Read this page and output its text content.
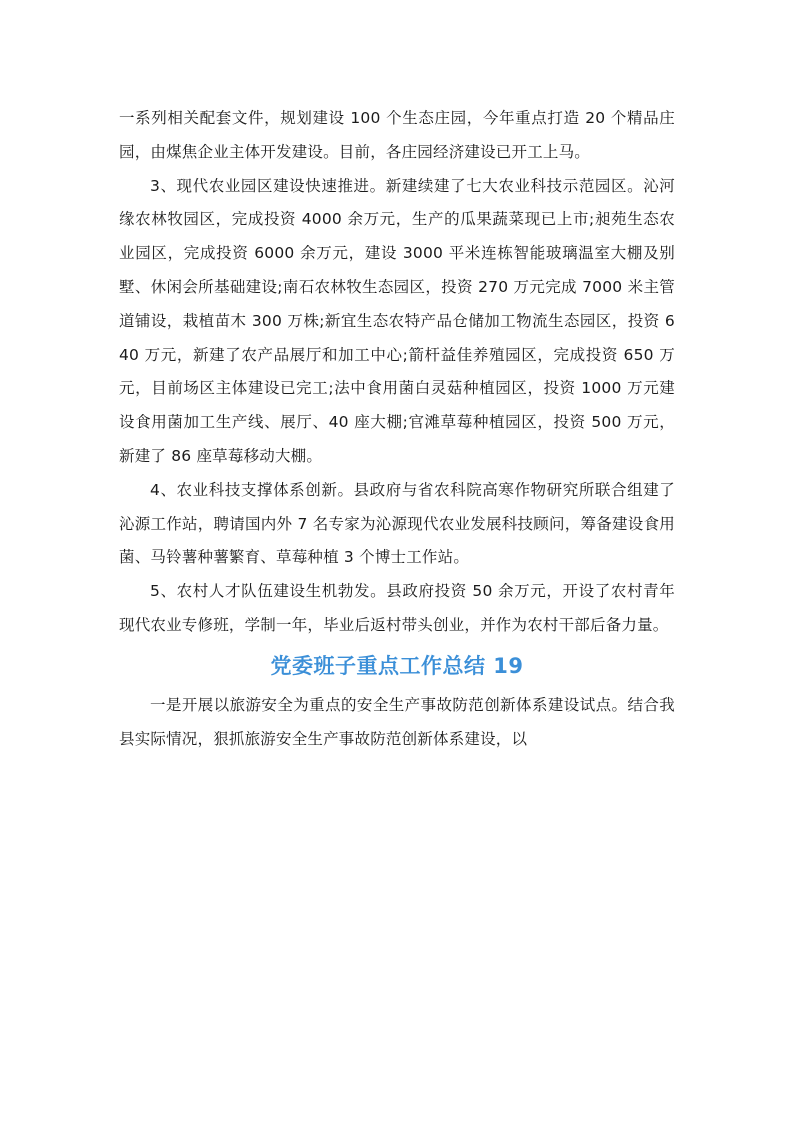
一系列相关配套文件，规划建设 100 个生态庄园，今年重点打造 20 个精品庄园，由煤焦企业主体开发建设。目前，各庄园经济建设已开工上马。

3、现代农业园区建设快速推进。新建续建了七大农业科技示范园区。沁河缘农林牧园区，完成投资 4000 余万元，生产的瓜果蔬菜现已上市;昶苑生态农业园区，完成投资 6000 余万元，建设 3000 平米连栋智能玻璃温室大棚及别墅、休闲会所基础建设;南石农林牧生态园区，投资 270 万元完成 7000 米主管道铺设，栽植苗木 300 万株;新宜生态农特产品仓储加工物流生态园区，投资 640 万元，新建了农产品展厅和加工中心;箭杆益佳养殖园区，完成投资 650 万元，目前场区主体建设已完工;法中食用菌白灵菇种植园区，投资 1000 万元建设食用菌加工生产线、展厅、40 座大棚;官滩草莓种植园区，投资 500 万元，新建了 86 座草莓移动大棚。

4、农业科技支撑体系创新。县政府与省农科院高寒作物研究所联合组建了沁源工作站，聘请国内外 7 名专家为沁源现代农业发展科技顾问，筹备建设食用菌、马铃薯种薯繁育、草莓种植 3 个博士工作站。

5、农村人才队伍建设生机勃发。县政府投资 50 余万元，开设了农村青年现代农业专修班，学制一年，毕业后返村带头创业，并作为农村干部后备力量。

党委班子重点工作总结 19

一是开展以旅游安全为重点的安全生产事故防范创新体系建设试点。结合我县实际情况，狠抓旅游安全生产事故防范创新体系建设，以
